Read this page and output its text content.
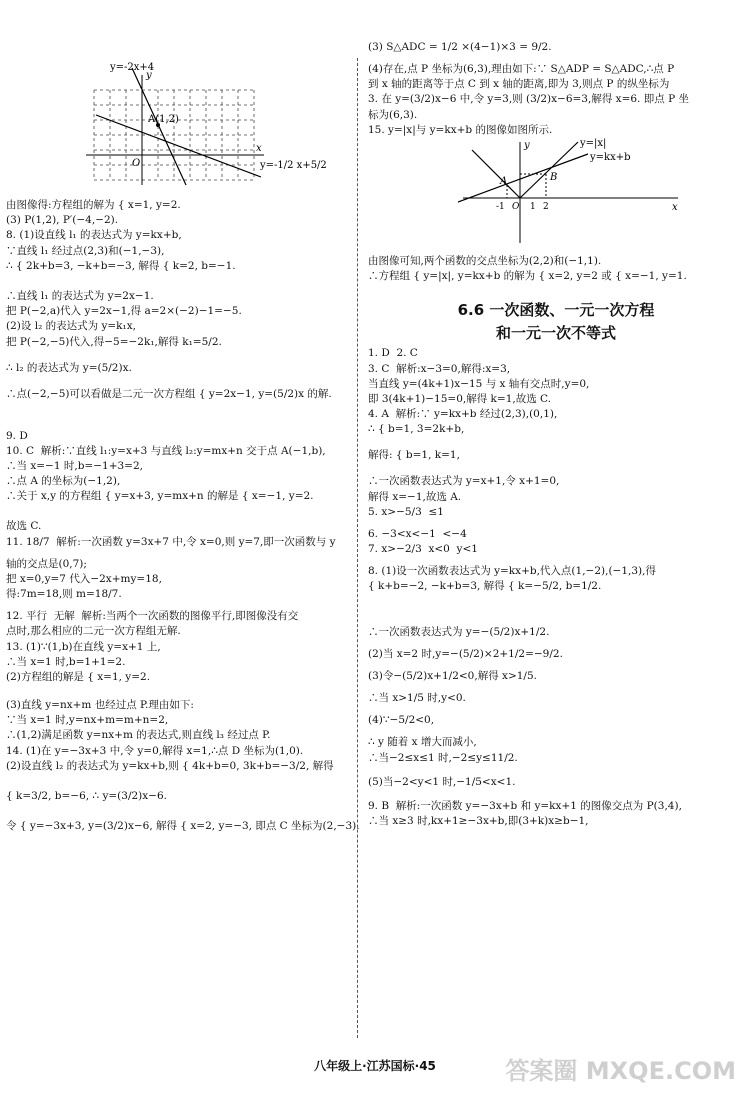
y=-2x+4
y=-1/2 x+5/2
A(1,2)
x
y
O
由图像得:方程组的解为 { x=1, y=2.
(3) P(1,2), P′(−4,−2).
8. (1)设直线 l₁ 的表达式为 y=kx+b,
∵直线 l₁ 经过点(2,3)和(−1,−3),
∴ { 2k+b=3, −k+b=−3, 解得 { k=2, b=−1.
∴直线 l₁ 的表达式为 y=2x−1.
把 P(−2,a)代入 y=2x−1,得 a=2×(−2)−1=−5.
(2)设 l₂ 的表达式为 y=k₁x,
把 P(−2,−5)代入,得−5=−2k₁,解得 k₁=5/2.
∴ l₂ 的表达式为 y=(5/2)x.
∴点(−2,−5)可以看做是二元一次方程组 { y=2x−1, y=(5/2)x 的解.
9. D
10. C  解析:∵直线 l₁:y=x+3 与直线 l₂:y=mx+n 交于点 A(−1,b),
∴当 x=−1 时,b=−1+3=2,
∴点 A 的坐标为(−1,2),
∴关于 x,y 的方程组 { y=x+3, y=mx+n 的解是 { x=−1, y=2.
故选 C.
11. 18/7  解析:一次函数 y=3x+7 中,令 x=0,则 y=7,即一次函数与 y
轴的交点是(0,7);
把 x=0,y=7 代入−2x+my=18,
得:7m=18,则 m=18/7.
12. 平行  无解  解析:当两个一次函数的图像平行,即图像没有交
点时,那么相应的二元一次方程组无解.
13. (1)∵(1,b)在直线 y=x+1 上,
∴当 x=1 时,b=1+1=2.
(2)方程组的解是 { x=1, y=2.
(3)直线 y=nx+m 也经过点 P.理由如下:
∵当 x=1 时,y=nx+m=m+n=2,
∴(1,2)满足函数 y=nx+m 的表达式,则直线 l₃ 经过点 P.
14. (1)在 y=−3x+3 中,令 y=0,解得 x=1,∴点 D 坐标为(1,0).
(2)设直线 l₂ 的表达式为 y=kx+b,则 { 4k+b=0, 3k+b=−3/2, 解得
{ k=3/2, b=−6, ∴ y=(3/2)x−6.
令 { y=−3x+3, y=(3/2)x−6, 解得 { x=2, y=−3, 即点 C 坐标为(2,−3).
(3) S△ADC = 1/2 ×(4−1)×3 = 9/2.
(4)存在,点 P 坐标为(6,3),理由如下:∵ S△ADP = S△ADC,∴点 P
到 x 轴的距离等于点 C 到 x 轴的距离,即为 3,则点 P 的纵坐标为
3. 在 y=(3/2)x−6 中,令 y=3,则 (3/2)x−6=3,解得 x=6. 即点 P 坐
标为(6,3).
15. y=|x|与 y=kx+b 的图像如图所示.
y=|x|
y=kx+b
A	B
x
y
-1 O 1 2
由图像可知,两个函数的交点坐标为(2,2)和(−1,1).
∴方程组 { y=|x|, y=kx+b 的解为 { x=2, y=2 或 { x=−1, y=1.
6.6 一次函数、一元一次方程
和一元一次不等式
1. D  2. C
3. C  解析:x−3=0,解得:x=3,
当直线 y=(4k+1)x−15 与 x 轴有交点时,y=0,
即 3(4k+1)−15=0,解得 k=1,故选 C.
4. A  解析:∵ y=kx+b 经过(2,3),(0,1),
∴ { b=1, 3=2k+b,
解得: { b=1, k=1,
∴一次函数表达式为 y=x+1,令 x+1=0,
解得 x=−1,故选 A.
5. x>−5/3  ≤1
6. −3<x<−1  <−4
7. x>−2/3  x<0  y<1
8. (1)设一次函数表达式为 y=kx+b,代入点(1,−2),(−1,3),得
{ k+b=−2, −k+b=3, 解得 { k=−5/2, b=1/2.
∴一次函数表达式为 y=−(5/2)x+1/2.
(2)当 x=2 时,y=−(5/2)×2+1/2=−9/2.
(3)令−(5/2)x+1/2<0,解得 x>1/5.
∴当 x>1/5 时,y<0.
(4)∵−5/2<0,
∴ y 随着 x 增大而减小,
∴当−2≤x≤1 时,−2≤y≤11/2.
(5)当−2<y<1 时,−1/5<x<1.
9. B  解析:一次函数 y=−3x+b 和 y=kx+1 的图像交点为 P(3,4),
∴当 x≥3 时,kx+1≥−3x+b,即(3+k)x≥b−1,
八年级上·江苏国标·45	答案圈 MXQE.COM
